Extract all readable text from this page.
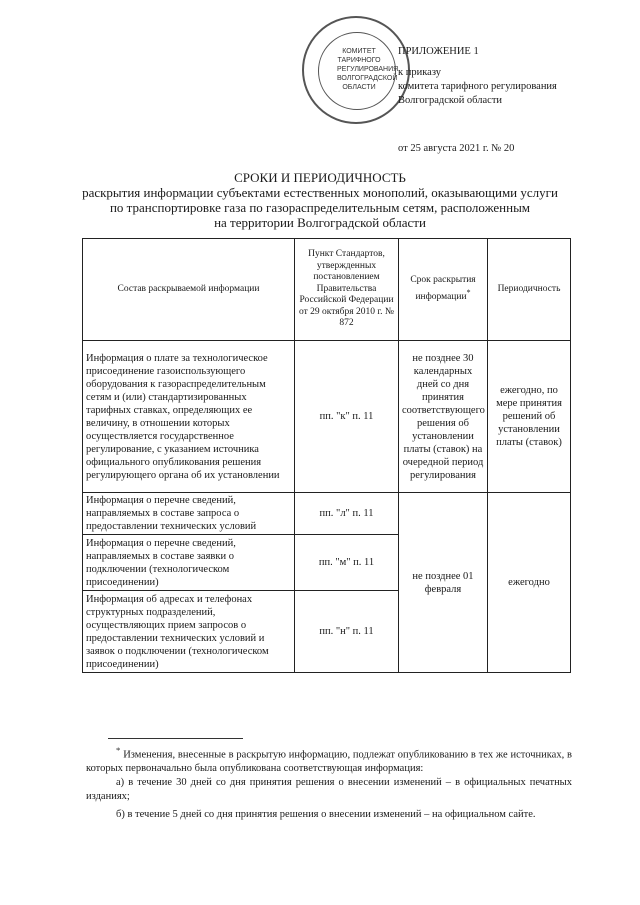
КОМИТЕТ ТАРИФНОГО РЕГУЛИРОВАНИЯ ВОЛГОГРАДСКОЙ ОБЛАСТИ
ПРИЛОЖЕНИЕ 1
к приказу
комитета тарифного регулирования
Волгоградской области
от 25 августа 2021 г. № 20
СРОКИ И ПЕРИОДИЧНОСТЬ
раскрытия информации субъектами естественных монополий, оказывающими услуги
по транспортировке газа по газораспределительным сетям, расположенным
на территории Волгоградской области
Состав раскрываемой информации	Пункт Стандартов, утвержденных постановлением Правительства Российской Федерации от 29 октября 2010 г. № 872	Срок раскрытия информации*	Периодичность
Информация о плате за технологическое присоединение газоиспользующего оборудования к газораспределительным сетям и (или) стандартизированных тарифных ставках, определяющих ее величину, в отношении которых осуществляется государственное регулирование, с указанием источника официального опубликования решения регулирующего органа об их установлении	пп. "к" п. 11	не позднее 30 календарных дней со дня принятия соответствующего решения об установлении платы (ставок) на очередной период регулирования	ежегодно, по мере принятия решений об установлении платы (ставок)
Информация о перечне сведений, направляемых в составе запроса о предоставлении технических условий	пп. "л" п. 11	не позднее 01 февраля	ежегодно
Информация о перечне сведений, направляемых в составе заявки о подключении (технологическом присоединении)	пп. "м" п. 11		
Информация об адресах и телефонах структурных подразделений, осуществляющих прием запросов о предоставлении технических условий и заявок о подключении (технологическом присоединении)	пп. "н" п. 11		
* Изменения, внесенные в раскрытую информацию, подлежат опубликованию в тех же источниках, в которых первоначально была опубликована соответствующая информация:
а) в течение 30 дней со дня принятия решения о внесении изменений – в официальных печатных изданиях;
б) в течение 5 дней со дня принятия решения о внесении изменений – на официальном сайте.
